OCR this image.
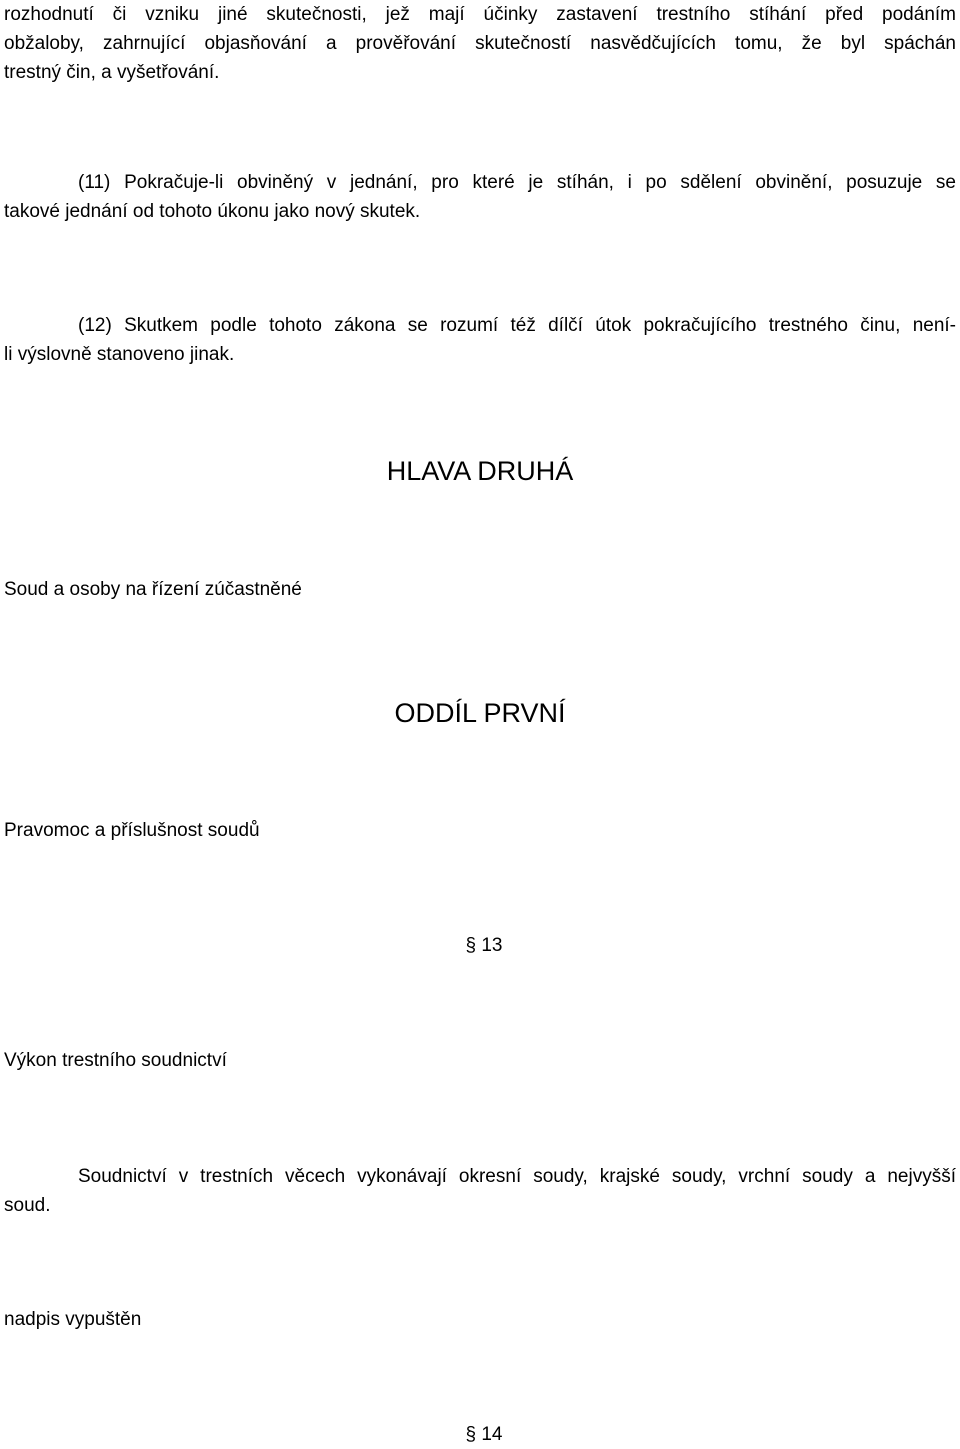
rozhodnutí či vzniku jiné skutečnosti, jež mají účinky zastavení trestního stíhání před podáním
obžaloby, zahrnující objasňování a prověřování skutečností nasvědčujících tomu, že byl spáchán
trestný čin, a vyšetřování.
(11) Pokračuje-li obviněný v jednání, pro které je stíhán, i po sdělení obvinění, posuzuje se
takové jednání od tohoto úkonu jako nový skutek.
(12) Skutkem podle tohoto zákona se rozumí též dílčí útok pokračujícího trestného činu, není-
li výslovně stanoveno jinak.
HLAVA DRUHÁ
Soud a osoby na řízení zúčastněné
ODDÍL PRVNÍ
Pravomoc a příslušnost soudů
§ 13
Výkon trestního soudnictví
Soudnictví v trestních věcech vykonávají okresní soudy, krajské soudy, vrchní soudy a nejvyšší
soud.
nadpis vypuštěn
§ 14
